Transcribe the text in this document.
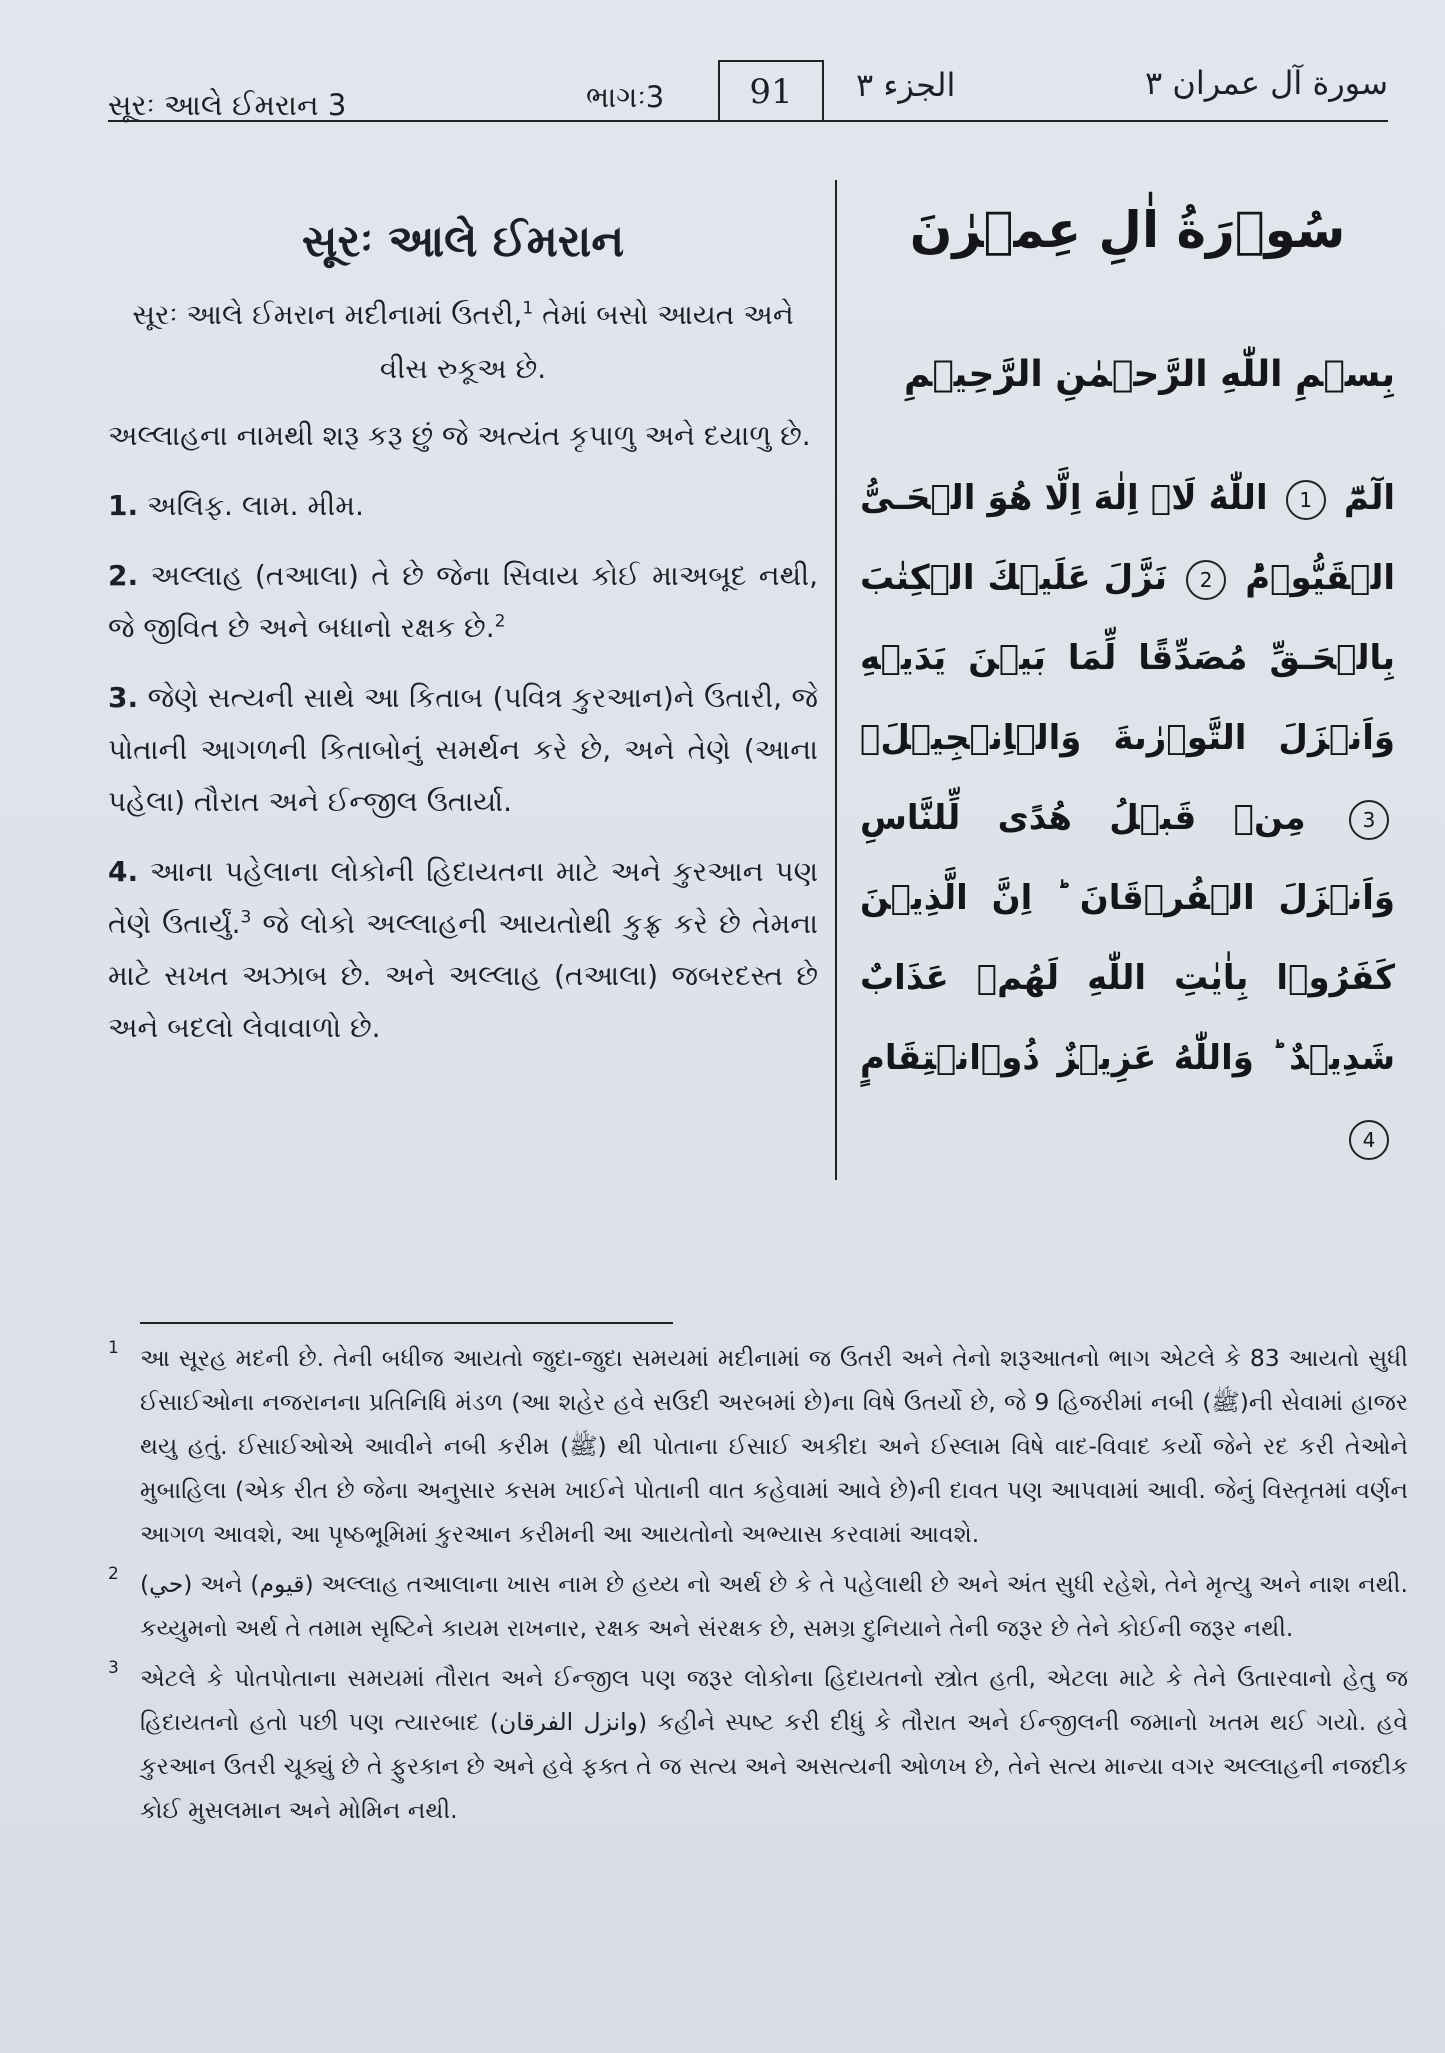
સૂરઃ આલે ઈમરાન 3	ભાગઃ3	91	الجزء ٣	سورة آل عمران ٣
સૂરઃ આલે ઈમરાન
સૂરઃ આલે ઈમરાન મદીનામાં ઉતરી,$^1$ તેમાં બસો આયત અને વીસ રુકૂઅ છે.

અલ્લાહના નામથી શરૂ કરૂ છું જે અત્યંત કૃપાળુ અને દયાળુ છે.

1. અલિફ. લામ. મીમ.

2. અલ્લાહ (તઆલા) તે છે જેના સિવાય કોઈ માઅબૂદ નથી, જે જીવિત છે અને બધાનો રક્ષક છે.$^2$

3. જેણે સત્યની સાથે આ કિતાબ (પવિત્ર કુરઆન)ને ઉતારી, જે પોતાની આગળની કિતાબોનું સમર્થન કરે છે, અને તેણે (આના પહેલા) તૌરાત અને ઈન્જીલ ઉતાર્યા.

4. આના પહેલાના લોકોની હિદાયતના માટે અને કુરઆન પણ તેણે ઉતાર્યું.$^3$ જે લોકો અલ્લાહની આયતોથી કુફ્ર કરે છે તેમના માટે સખત અઝાબ છે. અને અલ્લાહ (તઆલા) જબરદસ્ત છે અને બદલો લેવાવાળો છે.

سُوۡرَةُ اٰلِ عِمۡرٰنَ
بِسۡمِ اللّٰهِ الرَّحۡمٰنِ الرَّحِيۡمِ
الٓمّٓ 1 اللّٰهُ لَاۤ اِلٰهَ اِلَّا هُوَ الۡحَـىُّ الۡقَيُّوۡمُؕ 2 نَزَّلَ عَلَيۡكَ الۡكِتٰبَ بِالۡحَـقِّ مُصَدِّقًا لِّمَا بَيۡنَ يَدَيۡهِ وَاَنۡزَلَ التَّوۡرٰٮةَ وَالۡاِنۡجِيۡلَۙ 3 مِنۡ قَبۡلُ هُدًى لِّلنَّاسِ وَاَنۡزَلَ الۡفُرۡقَانَ ؕ اِنَّ الَّذِيۡنَ كَفَرُوۡا بِاٰيٰتِ اللّٰهِ لَهُمۡ عَذَابٌ شَدِيۡدٌ ؕ وَاللّٰهُ عَزِيۡزٌ ذُوۡانۡتِقَامٍ 4

1 આ સૂરહ મદની છે. તેની બધીજ આયતો જુદા-જુદા સમયમાં મદીનામાં જ ઉતરી અને તેનો શરૂઆતનો ભાગ એટલે કે 83 આયતો સુધી ઈસાઈઓના નજરાનના પ્રતિનિધિ મંડળ (આ શહેર હવે સઉદી અરબમાં છે)ના વિષે ઉતર્યો છે, જે 9 હિજરીમાં નબી (ﷺ)ની સેવામાં હાજર થયુ હતું. ઈસાઈઓએ આવીને નબી કરીમ (ﷺ) થી પોતાના ઈસાઈ અકીદા અને ઈસ્લામ વિષે વાદ-વિવાદ કર્યો જેને રદ કરી તેઓને મુબાહિલા (એક રીત છે જેના અનુસાર કસમ ખાઈને પોતાની વાત કહેવામાં આવે છે)ની દાવત પણ આપવામાં આવી. જેનું વિસ્તૃતમાં વર્ણન આગળ આવશે, આ પૃષ્ઠભૂમિમાં કુરઆન કરીમની આ આયતોનો અભ્યાસ કરવામાં આવશે.

2 (حي) અને (قيوم) અલ્લાહ તઆલાના ખાસ નામ છે હય્ય નો અર્થ છે કે તે પહેલાથી છે અને અંત સુધી રહેશે, તેને મૃત્યુ અને નાશ નથી. કય્યુમનો અર્થ તે તમામ સૃષ્ટિને કાયમ રાખનાર, રક્ષક અને સંરક્ષક છે, સમગ્ર દુનિયાને તેની જરૂર છે તેને કોઈની જરૂર નથી.

3 એટલે કે પોતપોતાના સમયમાં તૌરાત અને ઈન્જીલ પણ જરૂર લોકોના હિદાયતનો સ્ત્રોત હતી, એટલા માટે કે તેને ઉતારવાનો હેતુ જ હિદાયતનો હતો પછી પણ ત્યારબાદ (وانزل الفرقان) કહીને સ્પષ્ટ કરી દીધું કે તૌરાત અને ઈન્જીલની જમાનો ખતમ થઈ ગયો. હવે કુરઆન ઉતરી ચૂક્યું છે તે ફુરકાન છે અને હવે ફક્ત તે જ સત્ય અને અસત્યની ઓળખ છે, તેને સત્ય માન્યા વગર અલ્લાહની નજદીક કોઈ મુસલમાન અને મોમિન નથી.
